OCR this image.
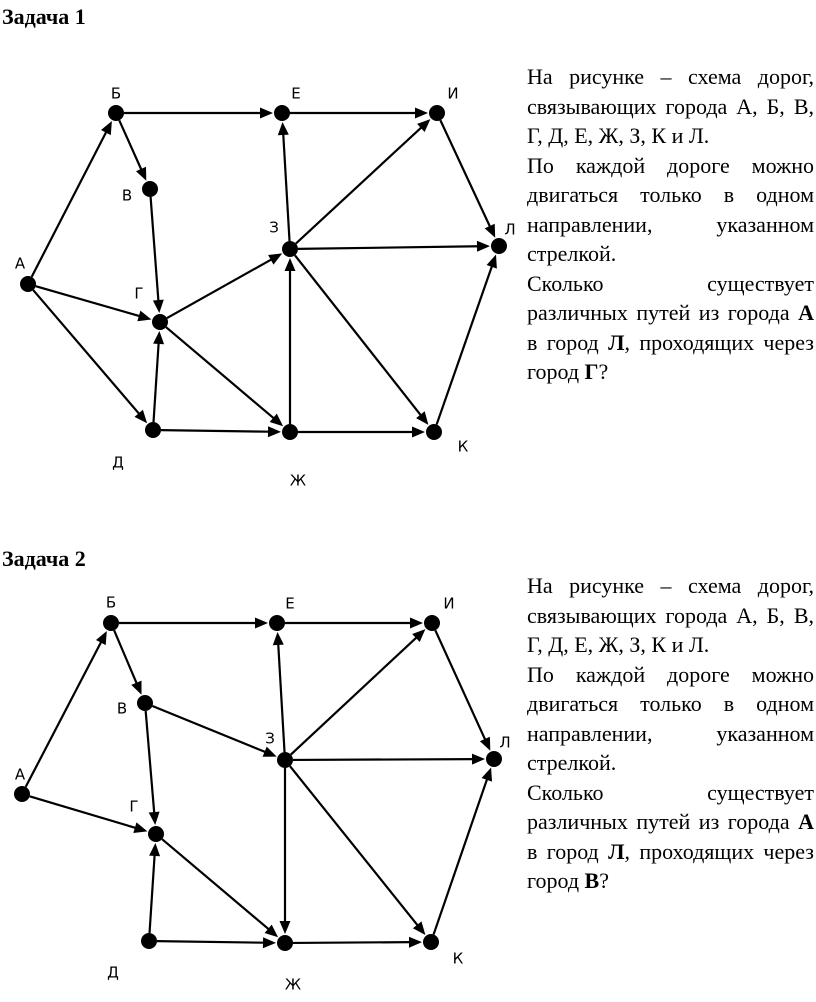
Задача 1
А
Б
В
Г
Д
Е
Ж
З
И
К
Л

На рисунке – схема дорог, связывающих города А, Б, В, Г, Д, Е, Ж, З, К и Л.

По каждой дороге можно двигаться только в одном направлении, указанном стрелкой.

Сколько существует различных путей из города А в город Л, проходящих через город Г?

Задача 2
А
Б
В
Г
Д
Е
Ж
З
И
К
Л

На рисунке – схема дорог, связывающих города А, Б, В, Г, Д, Е, Ж, З, К и Л.

По каждой дороге можно двигаться только в одном направлении, указанном стрелкой.

Сколько существует различных путей из города А в город Л, проходящих через город В?
